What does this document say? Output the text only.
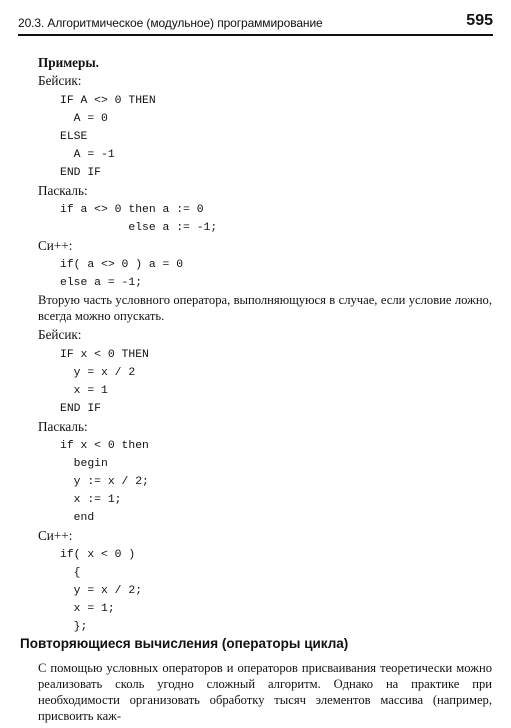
20.3. Алгоритмическое (модульное) программирование	595
Примеры.
Бейсик:
IF A <> 0 THEN
A = 0
ELSE
A = -1
END IF
Паскаль:
if a <> 0 then a := 0
else a := -1;
Си++:
if( a <> 0 ) a = 0
else a = -1;
Вторую часть условного оператора, выполняющуюся в случае, если условие ложно, всегда можно опускать.
Бейсик:
IF x < 0 THEN
y = x / 2
x = 1
END IF
Паскаль:
if x < 0 then
begin
y := x / 2;
x := 1;
end
Си++:
if( x < 0 )
{
y = x / 2;
x = 1;
};
Повторяющиеся вычисления (операторы цикла)
С помощью условных операторов и операторов присваивания теоретически можно реализовать сколь угодно сложный алгоритм. Однако на практике при необходимости организовать обработку тысяч элементов массива (например, присвоить каж-
